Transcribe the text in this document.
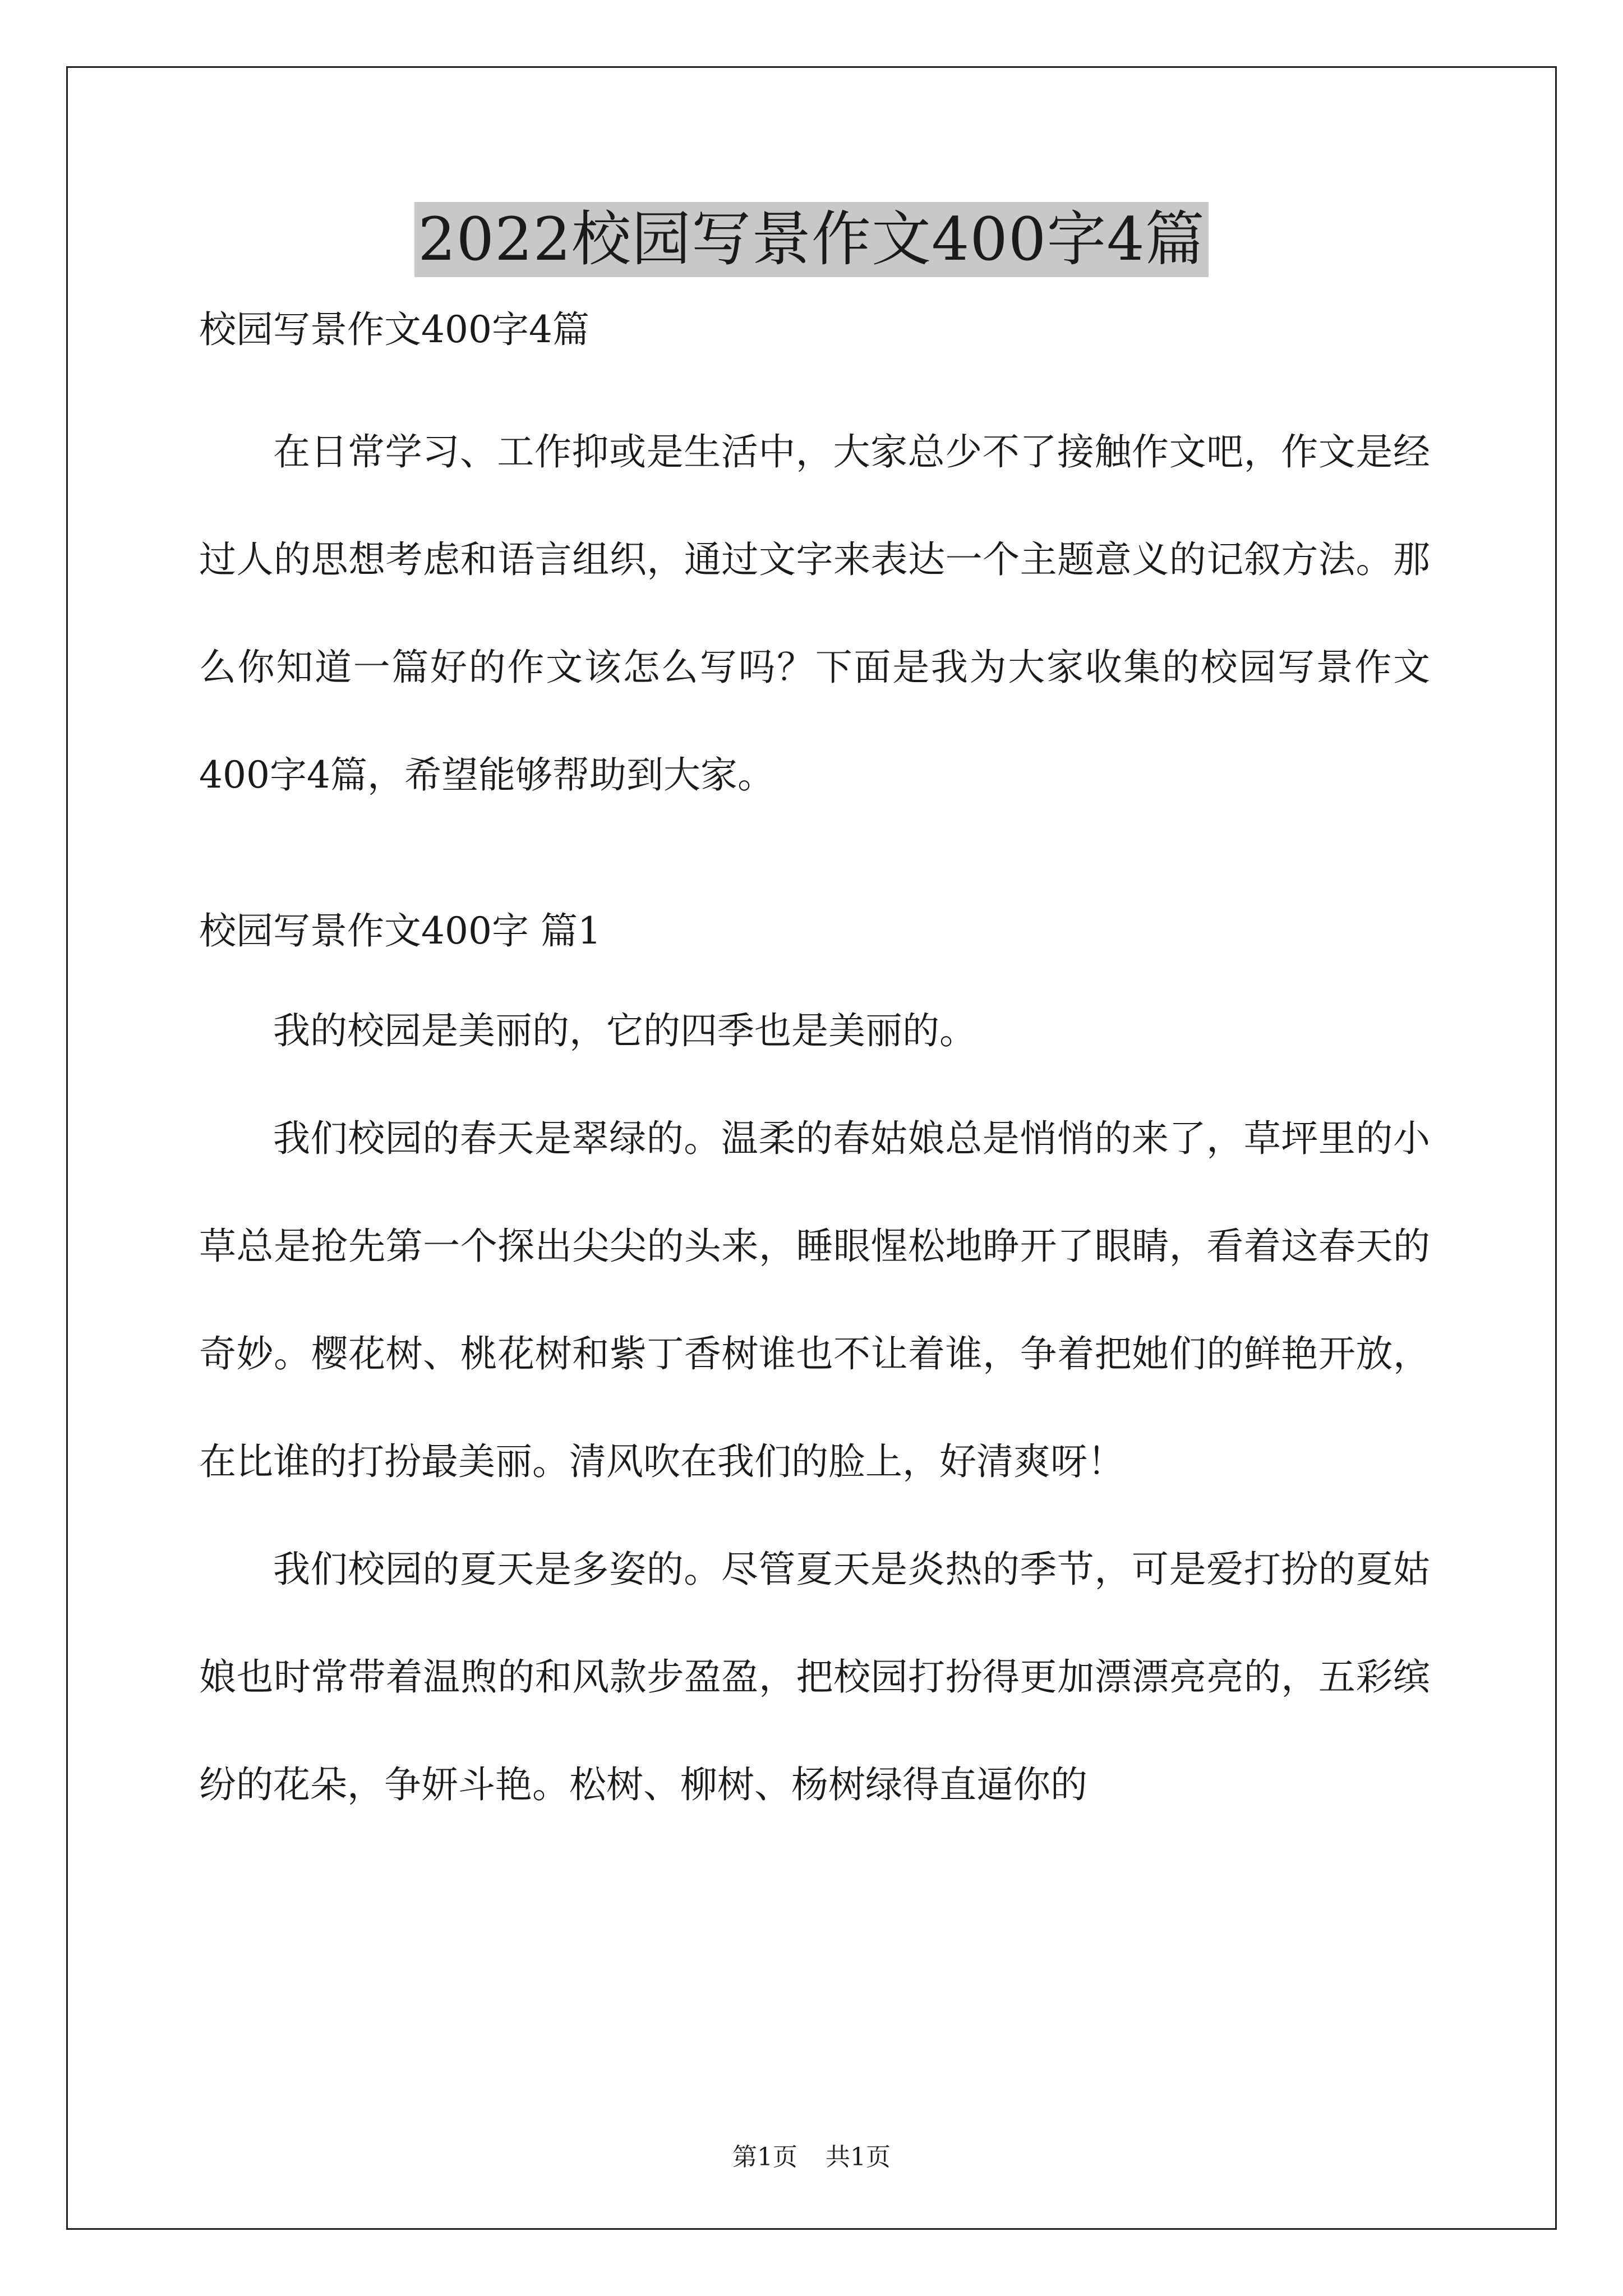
2022校园写景作文400字4篇

校园写景作文400字4篇

在日常学习、工作抑或是生活中，大家总少不了接触作文吧，作文是经过人的思想考虑和语言组织，通过文字来表达一个主题意义的记叙方法。那么你知道一篇好的作文该怎么写吗？下面是我为大家收集的校园写景作文400字4篇，希望能够帮助到大家。

校园写景作文400字 篇1

我的校园是美丽的，它的四季也是美丽的。

我们校园的春天是翠绿的。温柔的春姑娘总是悄悄的来了，草坪里的小草总是抢先第一个探出尖尖的头来，睡眼惺松地睁开了眼睛，看着这春天的奇妙。樱花树、桃花树和紫丁香树谁也不让着谁，争着把她们的鲜艳开放，在比谁的打扮最美丽。清风吹在我们的脸上，好清爽呀！

我们校园的夏天是多姿的。尽管夏天是炎热的季节，可是爱打扮的夏姑娘也时常带着温煦的和风款步盈盈，把校园打扮得更加漂漂亮亮的，五彩缤纷的花朵，争妍斗艳。松树、柳树、杨树绿得直逼你的

第1页 共1页
